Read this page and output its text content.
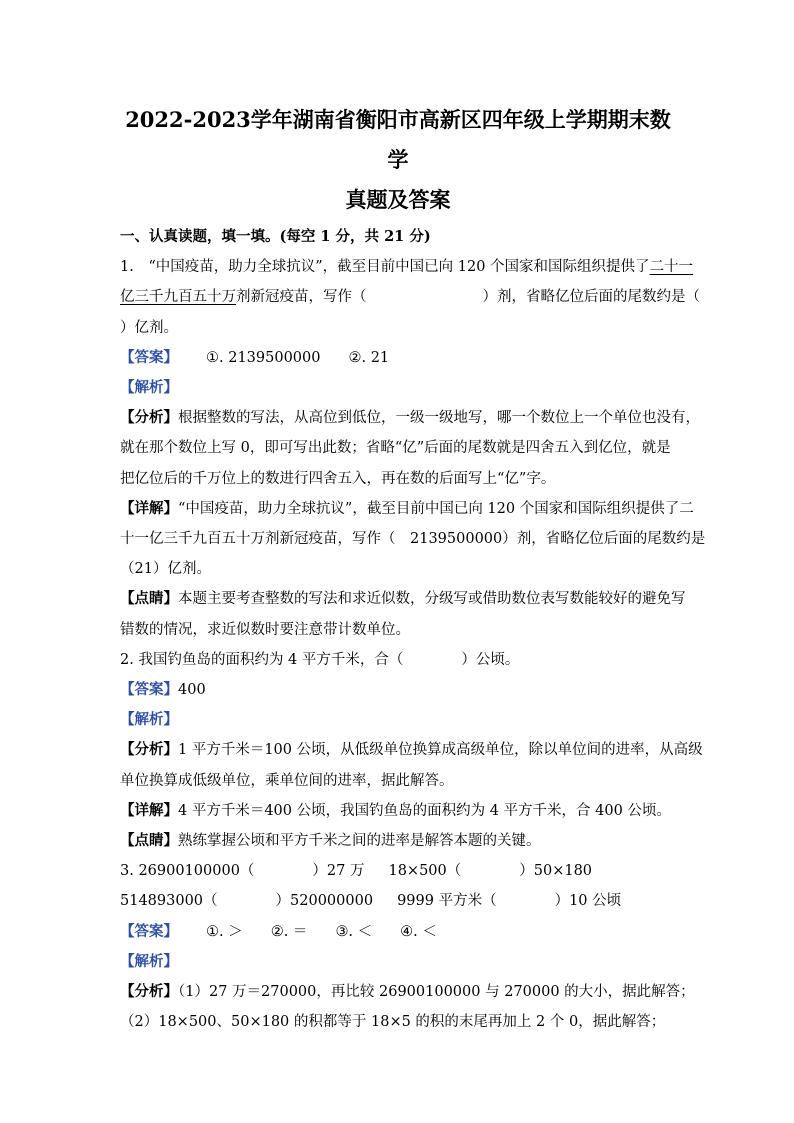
2022-2023学年湖南省衡阳市高新区四年级上学期期末数学

真题及答案

一、认真读题，填一填。(每空 1 分，共 21 分)

1.　“中国疫苗，助力全球抗议”，截至目前中国已向 120 个国家和国际组织提供了二十一

亿三千九百五十万剂新冠疫苗，写作（　　　　　　　　）剂，省略亿位后面的尾数约是（

）亿剂。

【答案】 ①. 2139500000 ②. 21

【解析】

【分析】根据整数的写法，从高位到低位，一级一级地写，哪一个数位上一个单位也没有，

就在那个数位上写 0，即可写出此数；省略“亿”后面的尾数就是四舍五入到亿位，就是

把亿位后的千万位上的数进行四舍五入，再在数的后面写上“亿”字。

【详解】“中国疫苗，助力全球抗议”，截至目前中国已向 120 个国家和国际组织提供了二

十一亿三千九百五十万剂新冠疫苗，写作（　2139500000）剂，省略亿位后面的尾数约是

（21）亿剂。

【点睛】本题主要考查整数的写法和求近似数，分级写或借助数位表写数能较好的避免写

错数的情况，求近似数时要注意带计数单位。

2. 我国钓鱼岛的面积约为 4 平方千米，合（　　　　）公顷。

【答案】400

【解析】

【分析】1 平方千米＝100 公顷，从低级单位换算成高级单位，除以单位间的进率，从高级

单位换算成低级单位，乘单位间的进率，据此解答。

【详解】4 平方千米＝400 公顷，我国钓鱼岛的面积约为 4 平方千米，合 400 公顷。

【点睛】熟练掌握公顷和平方千米之间的进率是解答本题的关键。

3. 26900100000（　　　　）27 万 18×500（　　　　）50×180

514893000（　　　　）520000000 9999 平方米（　　　　）10 公顷

【答案】 ①. ＞ ②. ＝ ③. ＜ ④. ＜

【解析】

【分析】（1）27 万＝270000，再比较 26900100000 与 270000 的大小，据此解答；

（2）18×500、50×180 的积都等于 18×5 的积的末尾再加上 2 个 0，据此解答；
